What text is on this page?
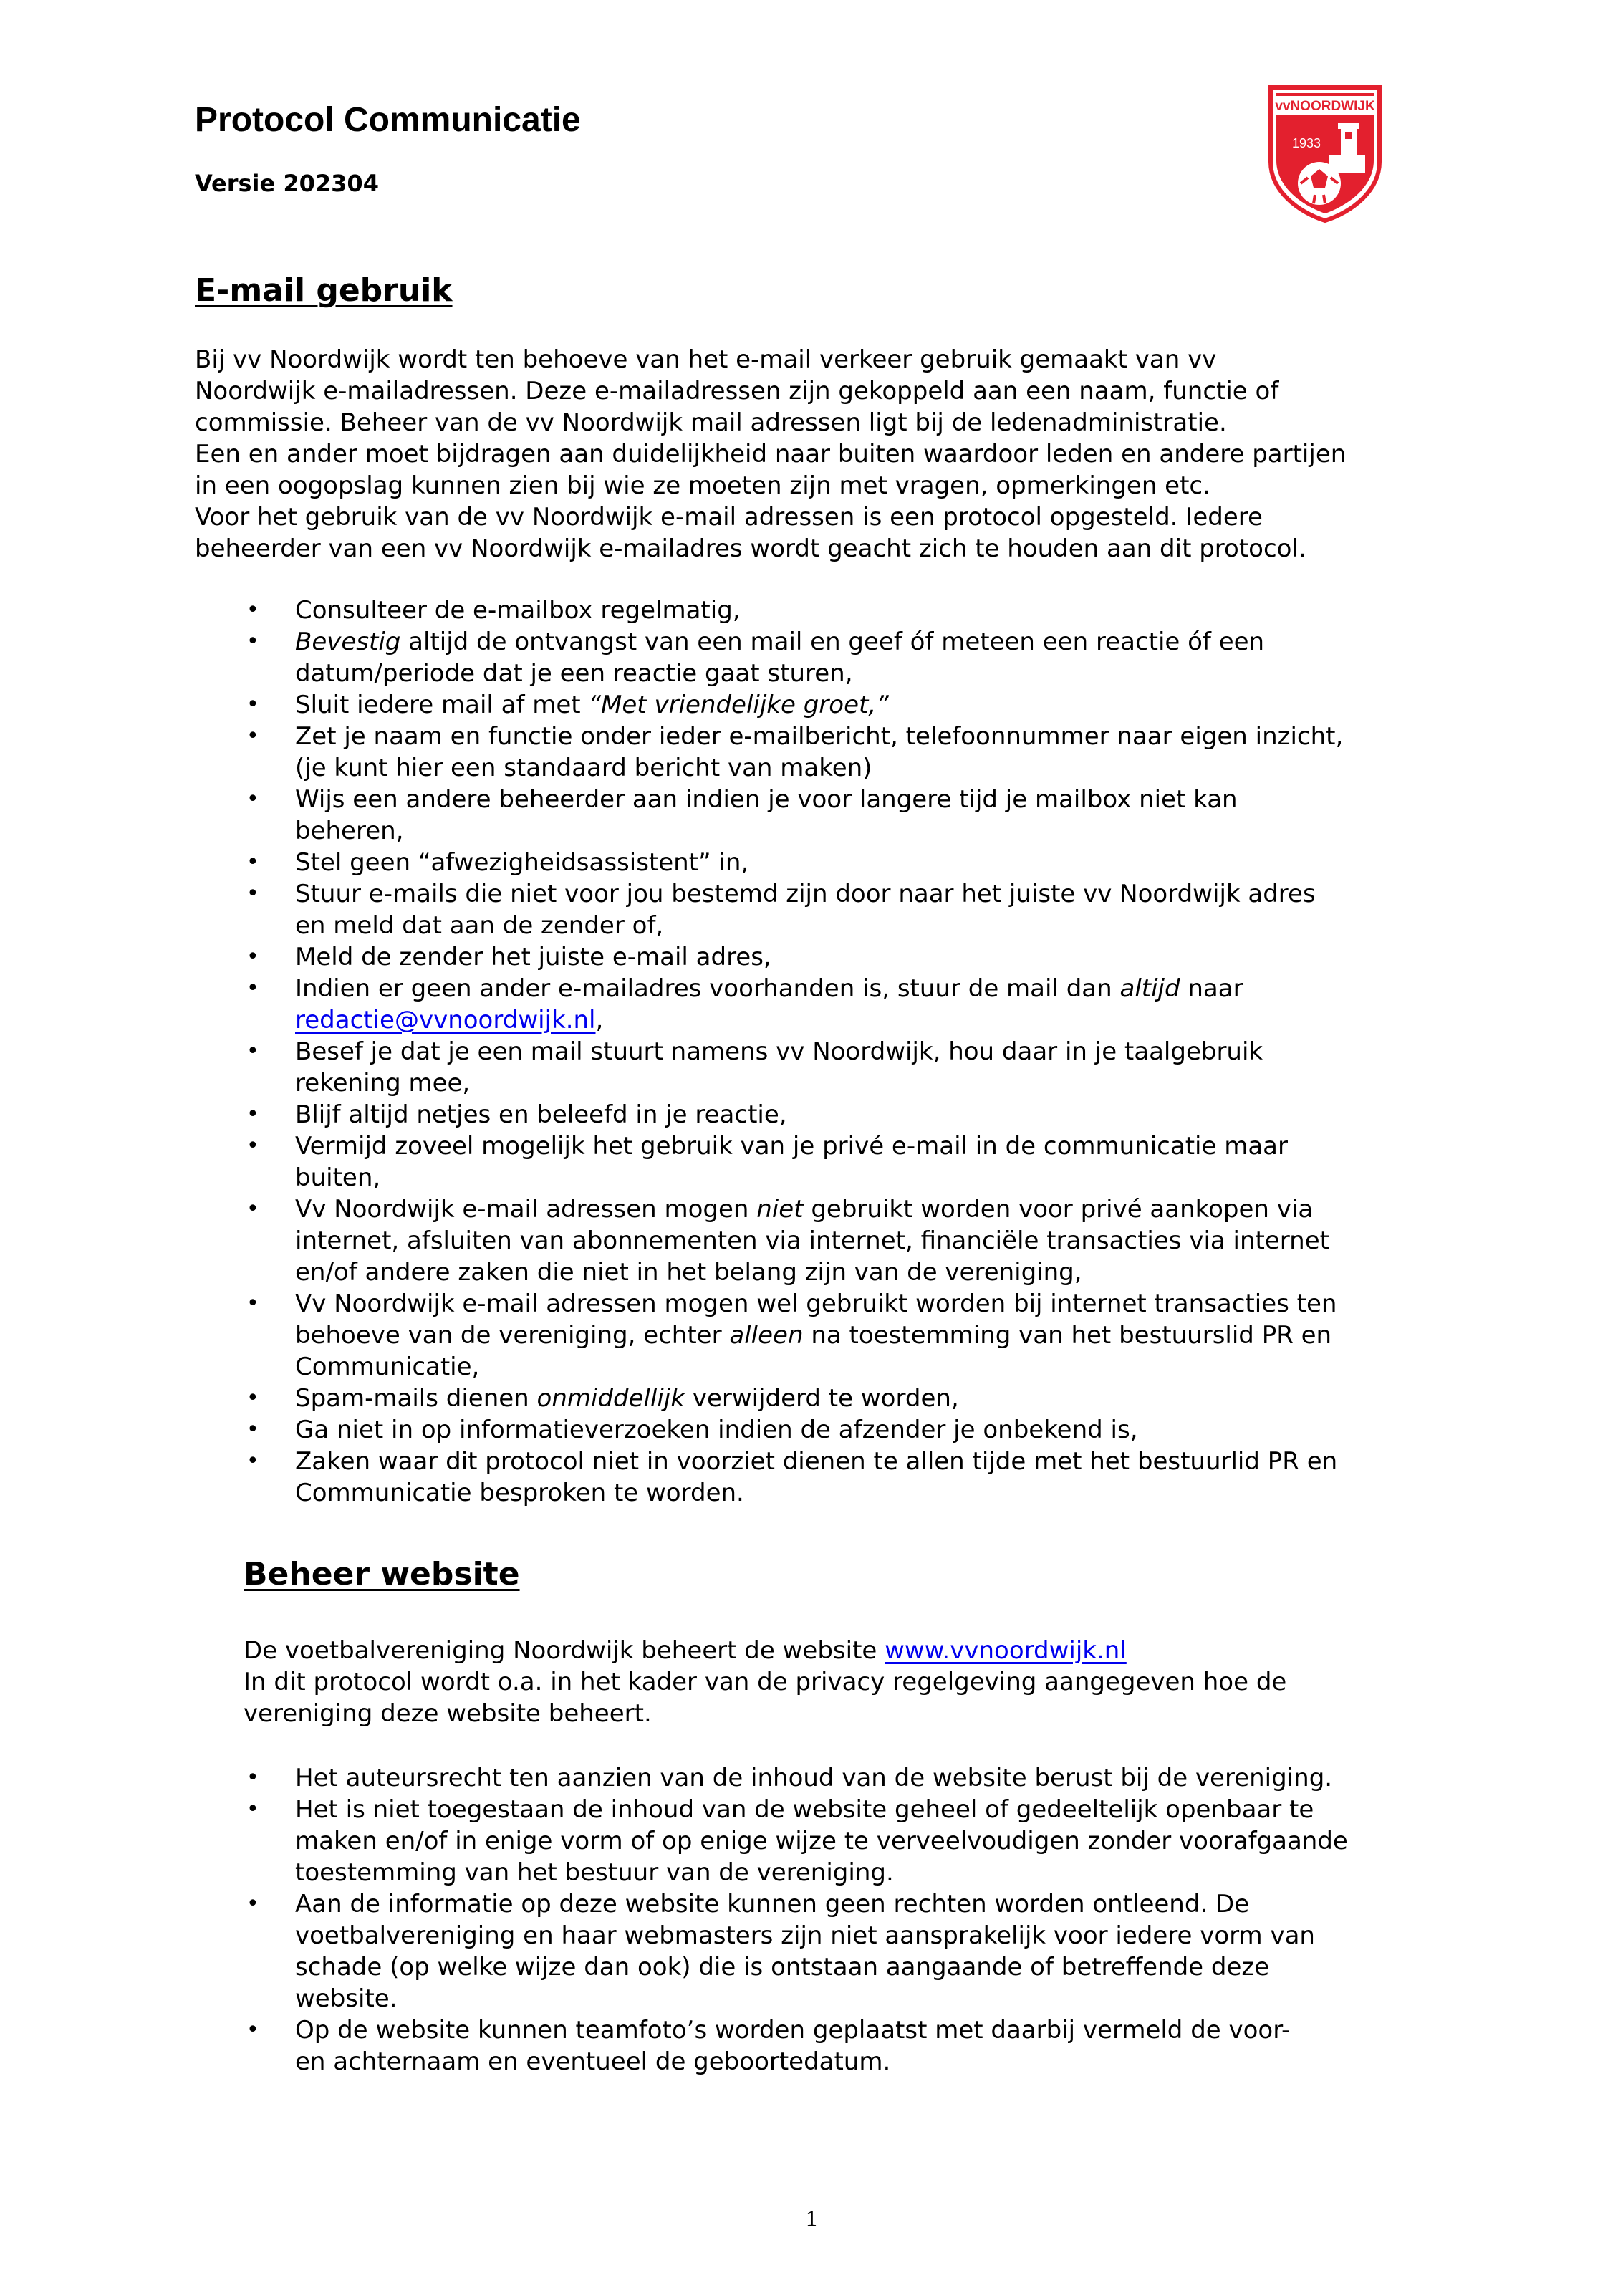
Protocol Communicatie
Versie 202304
vvNOORDWIJK
1933
E-mail gebruik

Bij vv Noordwijk wordt ten behoeve van het e-mail verkeer gebruik gemaakt van vv
Noordwijk e-mailadressen. Deze e-mailadressen zijn gekoppeld aan een naam, functie of
commissie. Beheer van de vv Noordwijk mail adressen ligt bij de ledenadministratie.
Een en ander moet bijdragen aan duidelijkheid naar buiten waardoor leden en andere partijen
in een oogopslag kunnen zien bij wie ze moeten zijn met vragen, opmerkingen etc.
Voor het gebruik van de vv Noordwijk e-mail adressen is een protocol opgesteld. Iedere
beheerder van een vv Noordwijk e-mailadres wordt geacht zich te houden aan dit protocol.

• Consulteer de e-mailbox regelmatig,
• Bevestig altijd de ontvangst van een mail en geef óf meteen een reactie óf een
datum/periode dat je een reactie gaat sturen,
• Sluit iedere mail af met “Met vriendelijke groet,”
• Zet je naam en functie onder ieder e-mailbericht, telefoonnummer naar eigen inzicht,
(je kunt hier een standaard bericht van maken)
• Wijs een andere beheerder aan indien je voor langere tijd je mailbox niet kan
beheren,
• Stel geen “afwezigheidsassistent” in,
• Stuur e-mails die niet voor jou bestemd zijn door naar het juiste vv Noordwijk adres
en meld dat aan de zender of,
• Meld de zender het juiste e-mail adres,
• Indien er geen ander e-mailadres voorhanden is, stuur de mail dan altijd naar
redactie@vvnoordwijk.nl,
• Besef je dat je een mail stuurt namens vv Noordwijk, hou daar in je taalgebruik
rekening mee,
• Blijf altijd netjes en beleefd in je reactie,
• Vermijd zoveel mogelijk het gebruik van je privé e-mail in de communicatie maar
buiten,
• Vv Noordwijk e-mail adressen mogen niet gebruikt worden voor privé aankopen via
internet, afsluiten van abonnementen via internet, financiële transacties via internet
en/of andere zaken die niet in het belang zijn van de vereniging,
• Vv Noordwijk e-mail adressen mogen wel gebruikt worden bij internet transacties ten
behoeve van de vereniging, echter alleen na toestemming van het bestuurslid PR en
Communicatie,
• Spam-mails dienen onmiddellijk verwijderd te worden,
• Ga niet in op informatieverzoeken indien de afzender je onbekend is,
• Zaken waar dit protocol niet in voorziet dienen te allen tijde met het bestuurlid PR en
Communicatie besproken te worden.
Beheer website

De voetbalvereniging Noordwijk beheert de website www.vvnoordwijk.nl
In dit protocol wordt o.a. in het kader van de privacy regelgeving aangegeven hoe de
vereniging deze website beheert.

• Het auteursrecht ten aanzien van de inhoud van de website berust bij de vereniging.
• Het is niet toegestaan de inhoud van de website geheel of gedeeltelijk openbaar te
maken en/of in enige vorm of op enige wijze te verveelvoudigen zonder voorafgaande
toestemming van het bestuur van de vereniging.
• Aan de informatie op deze website kunnen geen rechten worden ontleend. De
voetbalvereniging en haar webmasters zijn niet aansprakelijk voor iedere vorm van
schade (op welke wijze dan ook) die is ontstaan aangaande of betreffende deze
website.
• Op de website kunnen teamfoto’s worden geplaatst met daarbij vermeld de voor-
en achternaam en eventueel de geboortedatum.
1
